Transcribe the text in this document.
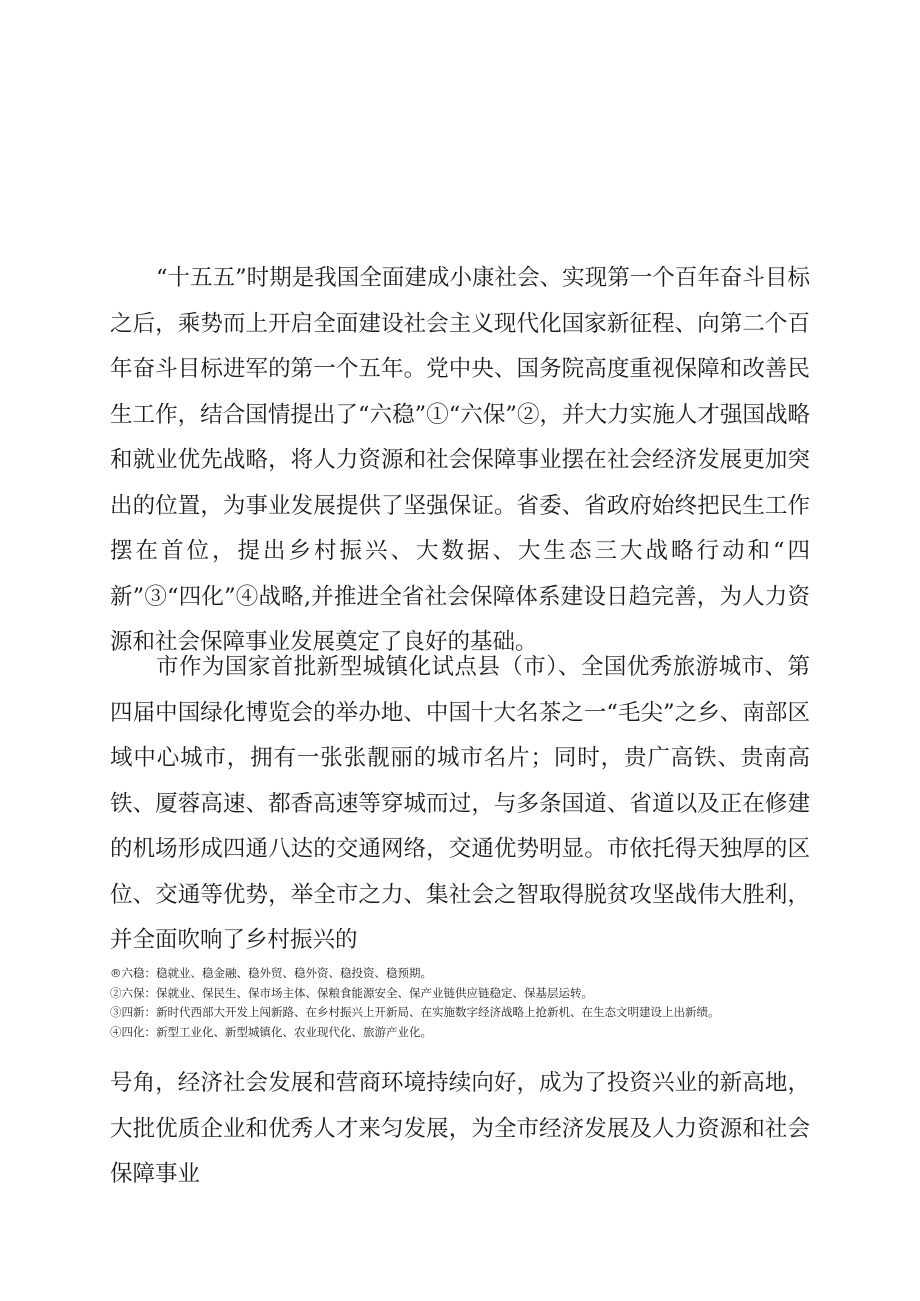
“十五五”时期是我国全面建成小康社会、实现第一个百年奋斗目标之后，乘势而上开启全面建设社会主义现代化国家新征程、向第二个百年奋斗目标进军的第一个五年。党中央、国务院高度重视保障和改善民生工作，结合国情提出了“六稳”①“六保”②，并大力实施人才强国战略和就业优先战略，将人力资源和社会保障事业摆在社会经济发展更加突出的位置，为事业发展提供了坚强保证。省委、省政府始终把民生工作摆在首位，提出乡村振兴、大数据、大生态三大战略行动和“四新”③“四化”④战略,并推进全省社会保障体系建设日趋完善，为人力资源和社会保障事业发展奠定了良好的基础。

市作为国家首批新型城镇化试点县（市）、全国优秀旅游城市、第四届中国绿化博览会的举办地、中国十大名茶之一“毛尖”之乡、南部区域中心城市，拥有一张张靓丽的城市名片；同时，贵广高铁、贵南高铁、厦蓉高速、都香高速等穿城而过，与多条国道、省道以及正在修建的机场形成四通八达的交通网络，交通优势明显。市依托得天独厚的区位、交通等优势，举全市之力、集社会之智取得脱贫攻坚战伟大胜利，并全面吹响了乡村振兴的

®六稳：稳就业、稳金融、稳外贸、稳外资、稳投资、稳预期。
②六保：保就业、保民生、保市场主体、保粮食能源安全、保产业链供应链稳定、保基层运转。
③四新：新时代西部大开发上闯新路、在乡村振兴上开新局、在实施数字经济战略上抢新机、在生态文明建设上出新绩。
④四化：新型工业化、新型城镇化、农业现代化、旅游产业化。

号角，经济社会发展和营商环境持续向好，成为了投资兴业的新高地，大批优质企业和优秀人才来匀发展，为全市经济发展及人力资源和社会保障事业
